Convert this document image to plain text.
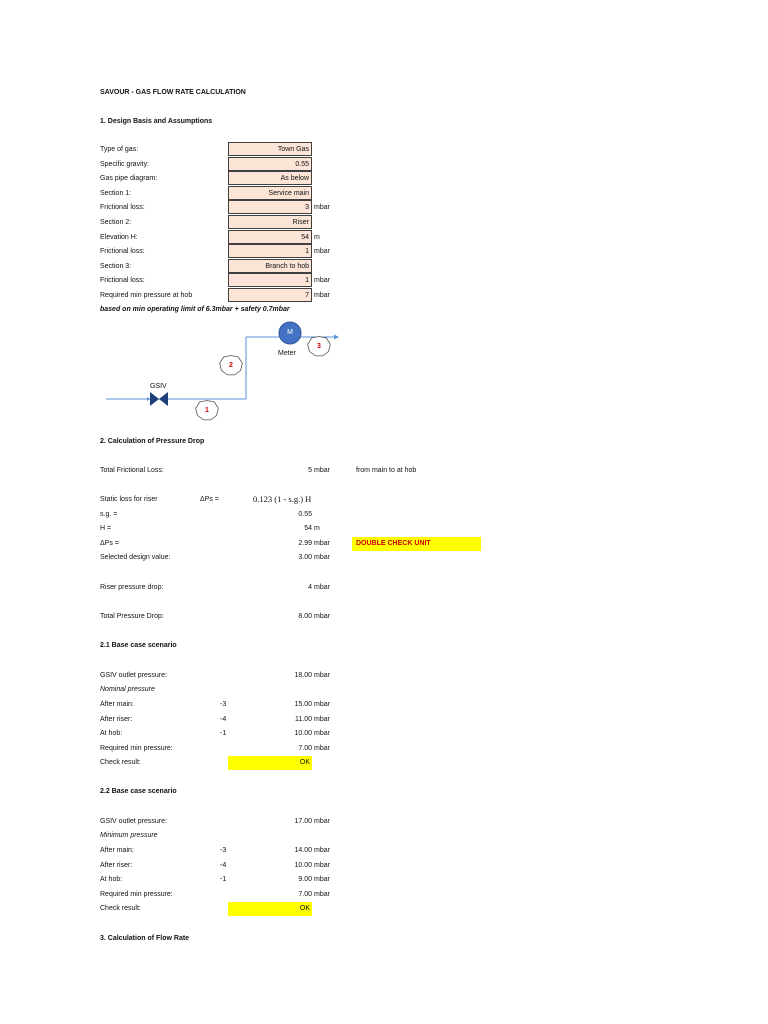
SAVOUR - GAS FLOW RATE CALCULATION
1. Design Basis and Assumptions
Type of gas:	Town Gas
Specific gravity:	0.55
Gas pipe diagram:	As below
Section 1:	Service main
Frictional loss:	3 mbar
Section 2:	Riser
Elevation H:	54 m
Frictional loss:	1 mbar
Section 3:	Branch to hob
Frictional loss:	1 mbar
Required min pressure at hob	7 mbar
based on min operating limit of 6.3mbar + safety 0.7mbar
M
Meter
GSIV
1
2
3
2. Calculation of Pressure Drop
Total Frictional Loss:	5 mbar	from main to at hob
Static loss for riser	ΔPs =	0.123 (1 - s.g.) H
s.g. =	0.55
H =	54 m
ΔPs =	2.99 mbar	DOUBLE CHECK UNIT
Selected design value:	3.00 mbar
Riser pressure drop:	4 mbar
Total Pressure Drop:	8.00 mbar
2.1 Base case scenario
GSIV outlet pressure:	18.00 mbar
Nominal pressure
After main:	-3	15.00 mbar
After riser:	-4	11.00 mbar
At hob:	-1	10.00 mbar
Required min pressure:	7.00 mbar
Check result:	OK
2.2 Base case scenario
GSIV outlet pressure:	17.00 mbar
Minimum pressure
After main:	-3	14.00 mbar
After riser:	-4	10.00 mbar
At hob:	-1	9.00 mbar
Required min pressure:	7.00 mbar
Check result:	OK
3. Calculation of Flow Rate
